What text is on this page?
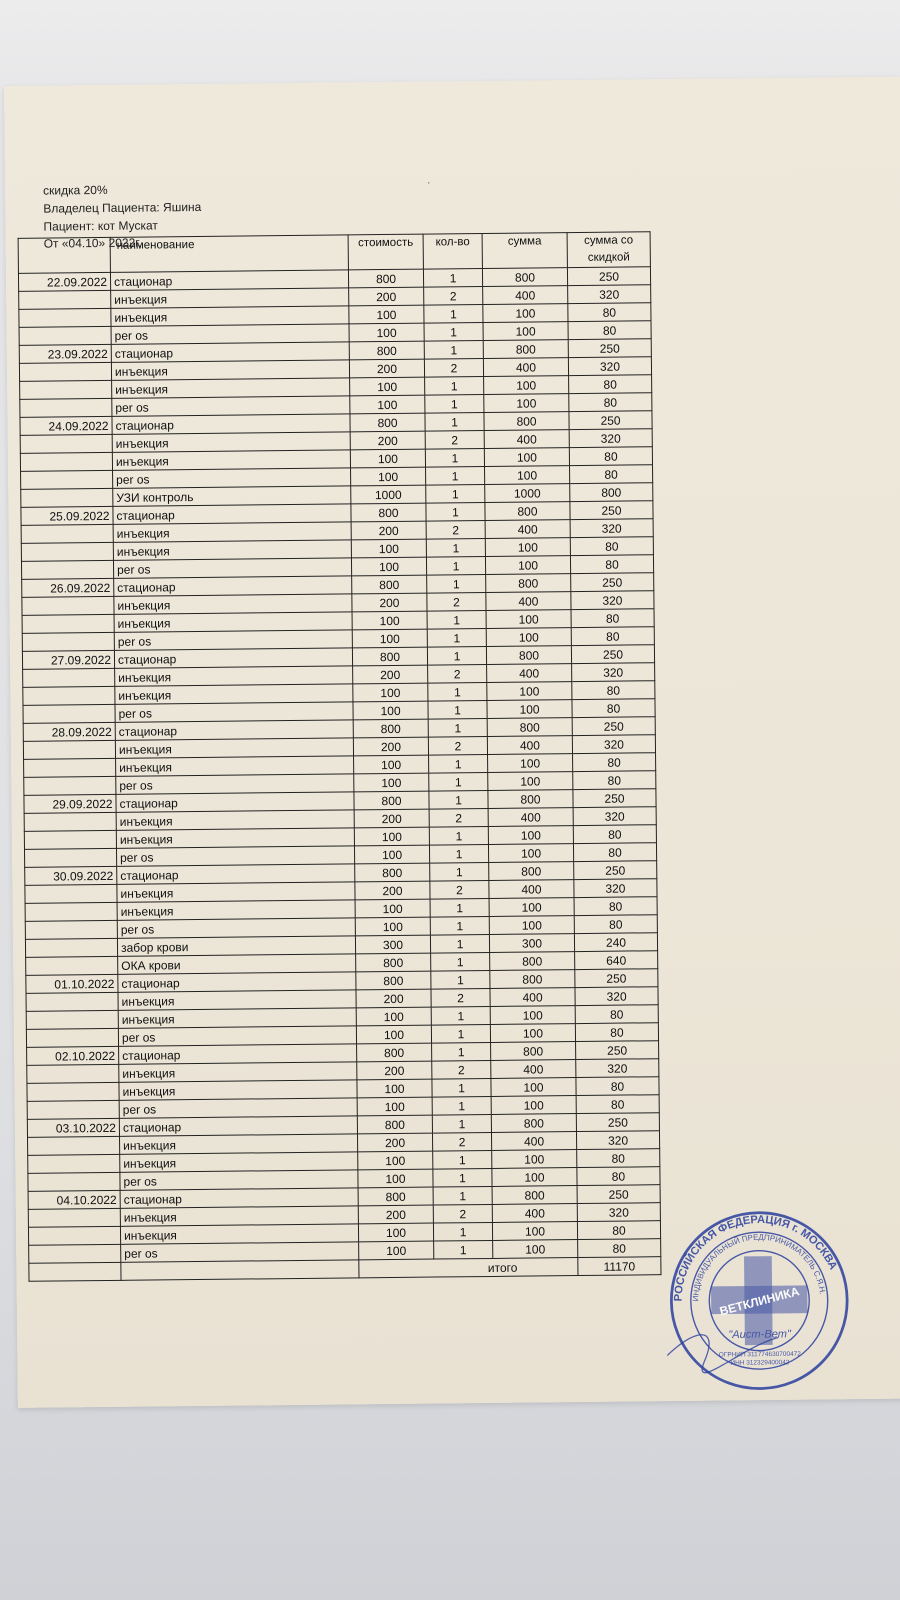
·
скидка 20%
Владелец Пациента: Яшина
Пациент: кот Мускат
От «04.10» 2022г.
	наименование	стоимость	кол-во	сумма	сумма со
скидкой
22.09.2022	стационар	800	1	800	250
	инъекция	200	2	400	320
	инъекция	100	1	100	80
	per os	100	1	100	80
23.09.2022	стационар	800	1	800	250
	инъекция	200	2	400	320
	инъекция	100	1	100	80
	per os	100	1	100	80
24.09.2022	стационар	800	1	800	250
	инъекция	200	2	400	320
	инъекция	100	1	100	80
	per os	100	1	100	80
	УЗИ контроль	1000	1	1000	800
25.09.2022	стационар	800	1	800	250
	инъекция	200	2	400	320
	инъекция	100	1	100	80
	per os	100	1	100	80
26.09.2022	стационар	800	1	800	250
	инъекция	200	2	400	320
	инъекция	100	1	100	80
	per os	100	1	100	80
27.09.2022	стационар	800	1	800	250
	инъекция	200	2	400	320
	инъекция	100	1	100	80
	per os	100	1	100	80
28.09.2022	стационар	800	1	800	250
	инъекция	200	2	400	320
	инъекция	100	1	100	80
	per os	100	1	100	80
29.09.2022	стационар	800	1	800	250
	инъекция	200	2	400	320
	инъекция	100	1	100	80
	per os	100	1	100	80
30.09.2022	стационар	800	1	800	250
	инъекция	200	2	400	320
	инъекция	100	1	100	80
	per os	100	1	100	80
	забор крови	300	1	300	240
	ОКА крови	800	1	800	640
01.10.2022	стационар	800	1	800	250
	инъекция	200	2	400	320
	инъекция	100	1	100	80
	per os	100	1	100	80
02.10.2022	стационар	800	1	800	250
	инъекция	200	2	400	320
	инъекция	100	1	100	80
	per os	100	1	100	80
03.10.2022	стационар	800	1	800	250
	инъекция	200	2	400	320
	инъекция	100	1	100	80
	per os	100	1	100	80
04.10.2022	стационар	800	1	800	250
	инъекция	200	2	400	320
	инъекция	100	1	100	80
	per os	100	1	100	80
		итого			11170
РОССИЙСКАЯ ФЕДЕРАЦИЯ г. МОСКВА
ИНДИВИДУАЛЬНЫЙ ПРЕДПРИНИМАТЕЛЬ С.Я.Н.
ВЕТКЛИНИКА
"Аист-Вет"
ОГРНИП 311774630700472
ИНН 312329400042
